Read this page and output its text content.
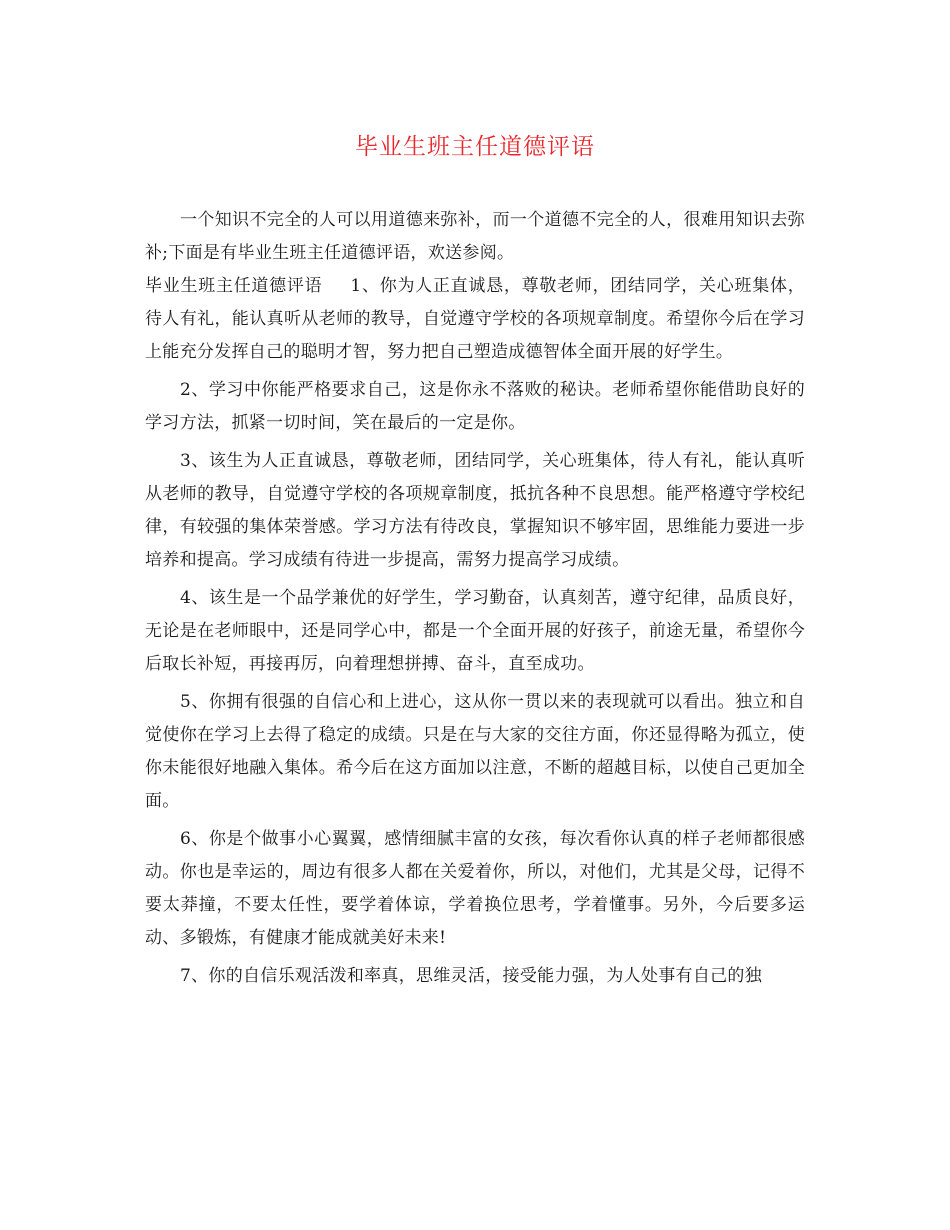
毕业生班主任道德评语

一个知识不完全的人可以用道德来弥补，而一个道德不完全的人，很难用知识去弥补;下面是有毕业生班主任道德评语，欢送参阅。

毕业生班主任道德评语 1、你为人正直诚恳，尊敬老师，团结同学，关心班集体，待人有礼，能认真听从老师的教导，自觉遵守学校的各项规章制度。希望你今后在学习上能充分发挥自己的聪明才智，努力把自己塑造成德智体全面开展的好学生。

2、学习中你能严格要求自己，这是你永不落败的秘诀。老师希望你能借助良好的学习方法，抓紧一切时间，笑在最后的一定是你。

3、该生为人正直诚恳，尊敬老师，团结同学，关心班集体，待人有礼，能认真听从老师的教导，自觉遵守学校的各项规章制度，抵抗各种不良思想。能严格遵守学校纪律，有较强的集体荣誉感。学习方法有待改良，掌握知识不够牢固，思维能力要进一步培养和提高。学习成绩有待进一步提高，需努力提高学习成绩。

4、该生是一个品学兼优的好学生，学习勤奋，认真刻苦，遵守纪律，品质良好，无论是在老师眼中，还是同学心中，都是一个全面开展的好孩子，前途无量，希望你今后取长补短，再接再厉，向着理想拼搏、奋斗，直至成功。

5、你拥有很强的自信心和上进心，这从你一贯以来的表现就可以看出。独立和自觉使你在学习上去得了稳定的成绩。只是在与大家的交往方面，你还显得略为孤立，使你未能很好地融入集体。希今后在这方面加以注意，不断的超越目标，以使自己更加全面。

6、你是个做事小心翼翼，感情细腻丰富的女孩，每次看你认真的样子老师都很感动。你也是幸运的，周边有很多人都在关爱着你，所以，对他们，尤其是父母，记得不要太莽撞，不要太任性，要学着体谅，学着换位思考，学着懂事。另外，今后要多运动、多锻炼，有健康才能成就美好未来!

7、你的自信乐观活泼和率真，思维灵活，接受能力强，为人处事有自己的独
